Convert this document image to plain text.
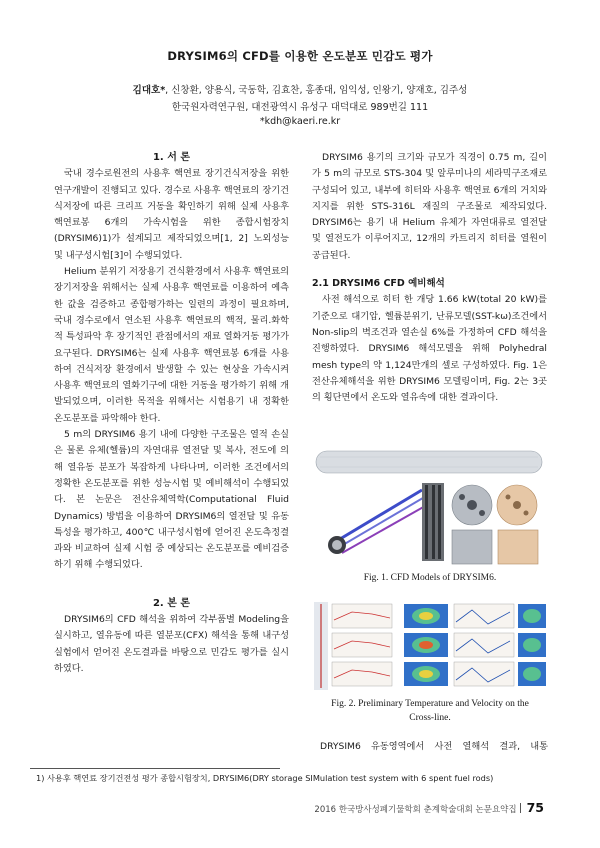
DRYSIM6의 CFD를 이용한 온도분포 민감도 평가
김대호*, 신창환, 양용식, 국동학, 김효찬, 홍종대, 임익성, 인왕기, 양재호, 김주성
한국원자력연구원, 대전광역시 유성구 대덕대로 989번길 111
*kdh@kaeri.re.kr

1. 서 론

국내 경수로원전의 사용후 핵연료 장기건식저장을 위한 연구개발이 진행되고 있다. 경수로 사용후 핵연료의 장기건식저장에 따른 크리프 거동을 확인하기 위해 실제 사용후 핵연료봉 6개의 가속시험을 위한 종합시험장치(DRYSIM6)1)가 설계되고 제작되었으며[1, 2] 노외성능 및 내구성시험[3]이 수행되었다.

Helium 분위기 저장용기 건식환경에서 사용후 핵연료의 장기저장을 위해서는 실제 사용후 핵연료를 이용하여 예측한 값을 검증하고 종합평가하는 일련의 과정이 필요하며, 국내 경수로에서 연소된 사용후 핵연료의 핵적, 물리.화학적 특성파악 후 장기적인 관점에서의 재료 열화거동 평가가 요구된다. DRYSIM6는 실제 사용후 핵연료봉 6개를 사용하여 건식저장 환경에서 발생할 수 있는 현상을 가속시켜 사용후 핵연료의 열화기구에 대한 거동을 평가하기 위해 개발되었으며, 이러한 목적을 위해서는 시험용기 내 정확한 온도분포를 파악해야 한다.

5 m의 DRYSIM6 용기 내에 다양한 구조물은 열적 손실은 물론 유체(헬륨)의 자연대류 열전달 및 복사, 전도에 의해 열유동 분포가 복잡하게 나타나며, 이러한 조건에서의 정확한 온도분포를 위한 성능시험 및 예비해석이 수행되었다. 본 논문은 전산유체역학(Computational Fluid Dynamics) 방법을 이용하여 DRYSIM6의 열전달 및 유동특성을 평가하고, 400℃ 내구성시험에 얻어진 온도측정결과와 비교하여 실제 시험 중 예상되는 온도분포를 예비검증하기 위해 수행되었다.

2. 본 론

DRYSIM6의 CFD 해석을 위하여 각부품별 Modeling을 실시하고, 열유동에 따른 열분포(CFX) 해석을 통해 내구성실험에서 얻어진 온도결과를 바탕으로 민감도 평가를 실시하였다.

DRYSIM6 용기의 크기와 규모가 직경이 0.75 m, 길이가 5 m의 규모로 STS-304 및 알루미나의 세라믹구조재로 구성되어 있고, 내부에 히터와 사용후 핵연료 6개의 거치와 지지를 위한 STS-316L 재질의 구조물로 제작되었다. DRYSIM6는 용기 내 Helium 유체가 자연대류로 열전달 및 열전도가 이루어지고, 12개의 카트리지 히터를 열원이 공급된다.

2.1 DRYSIM6 CFD 예비해석

사전 해석으로 히터 한 개당 1.66 kW(total 20 kW)를 기준으로 대기압, 헬륨분위기, 난류모델(SST-kω)조건에서 Non-slip의 벽조건과 열손실 6%를 가정하여 CFD 해석을 진행하였다. DRYSIM6 해석모델을 위해 Polyhedral mesh type의 약 1,124만개의 셀로 구성하였다. Fig. 1은 전산유체해석을 위한 DRYSIM6 모델링이며, Fig. 2는 3곳의 횡단면에서 온도와 열유속에 대한 결과이다.

Fig. 1. CFD Models of DRYSIM6.
Fig. 2. Preliminary Temperature and Velocity on the Cross-line.
DRYSIM6 유동영역에서 사전 열해석 결과, 내통
1) 사용후 핵연료 장기건전성 평가 종합시험장치, DRYSIM6(DRY storage SIMulation test system with 6 spent fuel rods)
2016 한국방사성폐기물학회 춘계학술대회 논문요약집 75
